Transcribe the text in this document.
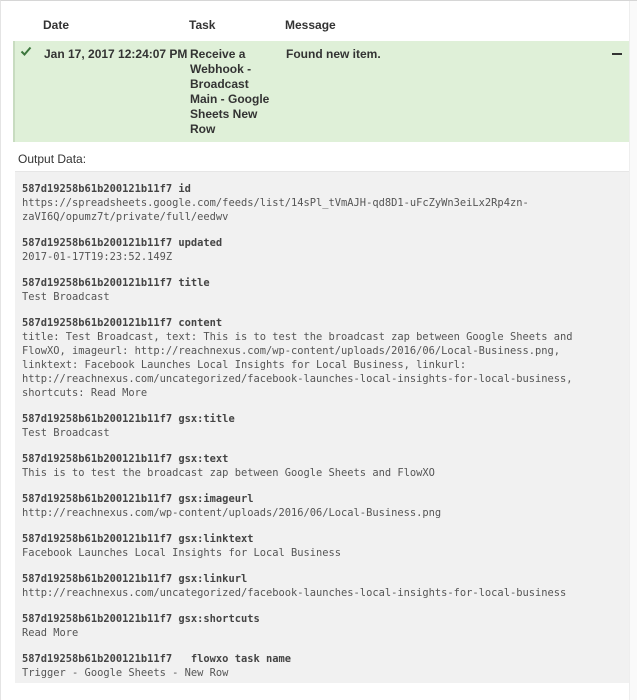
Date	Task	Message
Jan 17, 2017 12:24:07 PM Receive a
Webhook -
Broadcast
Main - Google
Sheets New
Row
Found new item.
Output Data:
587d19258b61b200121b11f7 id
https://spreadsheets.google.com/feeds/list/14sPl_tVmAJH-qd8D1-uFcZyWn3eiLx2Rp4zn-
zaVI6Q/opumz7t/private/full/eedwv
587d19258b61b200121b11f7 updated
2017-01-17T19:23:52.149Z
587d19258b61b200121b11f7 title
Test Broadcast
587d19258b61b200121b11f7 content
title: Test Broadcast, text: This is to test the broadcast zap between Google Sheets and
FlowXO, imageurl: http://reachnexus.com/wp-content/uploads/2016/06/Local-Business.png,
linktext: Facebook Launches Local Insights for Local Business, linkurl:
http://reachnexus.com/uncategorized/facebook-launches-local-insights-for-local-business,
shortcuts: Read More
587d19258b61b200121b11f7 gsx:title
Test Broadcast
587d19258b61b200121b11f7 gsx:text
This is to test the broadcast zap between Google Sheets and FlowXO
587d19258b61b200121b11f7 gsx:imageurl
http://reachnexus.com/wp-content/uploads/2016/06/Local-Business.png
587d19258b61b200121b11f7 gsx:linktext
Facebook Launches Local Insights for Local Business
587d19258b61b200121b11f7 gsx:linkurl
http://reachnexus.com/uncategorized/facebook-launches-local-insights-for-local-business
587d19258b61b200121b11f7 gsx:shortcuts
Read More
587d19258b61b200121b11f7   flowxo task name
Trigger - Google Sheets - New Row
